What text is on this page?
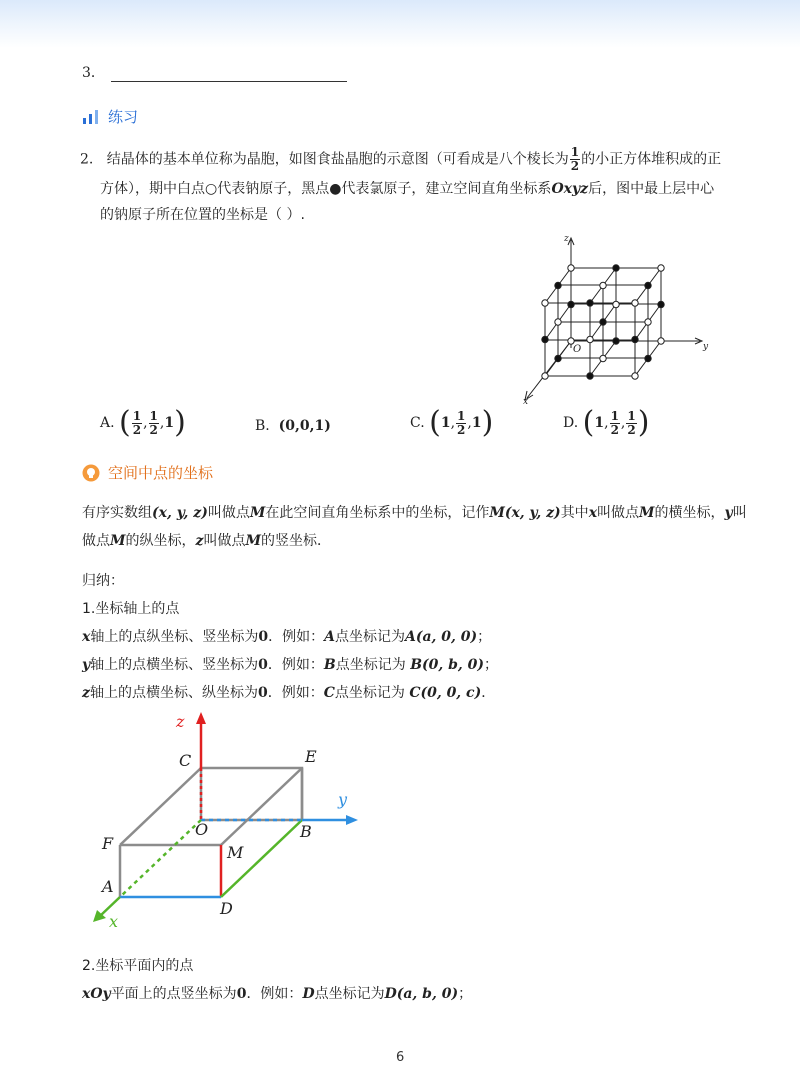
3．
练习
2. 结晶体的基本单位称为晶胞，如图食盐晶胞的示意图（可看成是八个棱长为 $\frac{1}{2}$ 的小正方体堆积成的正
方体），期中白点○代表钠原子，黑点●代表氯原子，建立空间直角坐标系Oxyz后，图中最上层中心
的钠原子所在位置的坐标是（ ）.
z
y
x
O
A.
( $\frac{1}{2}$ , $\frac{1}{2}$ , 1 )	B. (0,0,1)	C.
( 1 , $\frac{1}{2}$ , 1 )	D.
( 1 , $\frac{1}{2}$ , $\frac{1}{2}$ )
空间中点的坐标
有序实数组(x, y, z)叫做点M在此空间直角坐标系中的坐标，记作M(x, y, z)其中x叫做点M的横坐标，y叫
做点M的纵坐标，z叫做点M的竖坐标．
归纳：
1.坐标轴上的点
x轴上的点纵坐标、竖坐标为0．例如：A点坐标记为A(a, 0, 0)；
y轴上的点横坐标、竖坐标为0．例如：B点坐标记为 B(0, b, 0)；
z轴上的点横坐标、纵坐标为0．例如：C点坐标记为 C(0, 0, c)．
z
y
x
C	E
O	B
F	M
A
D
2.坐标平面内的点
xOy平面上的点竖坐标为0．例如：D点坐标记为D(a, b, 0)；
6
